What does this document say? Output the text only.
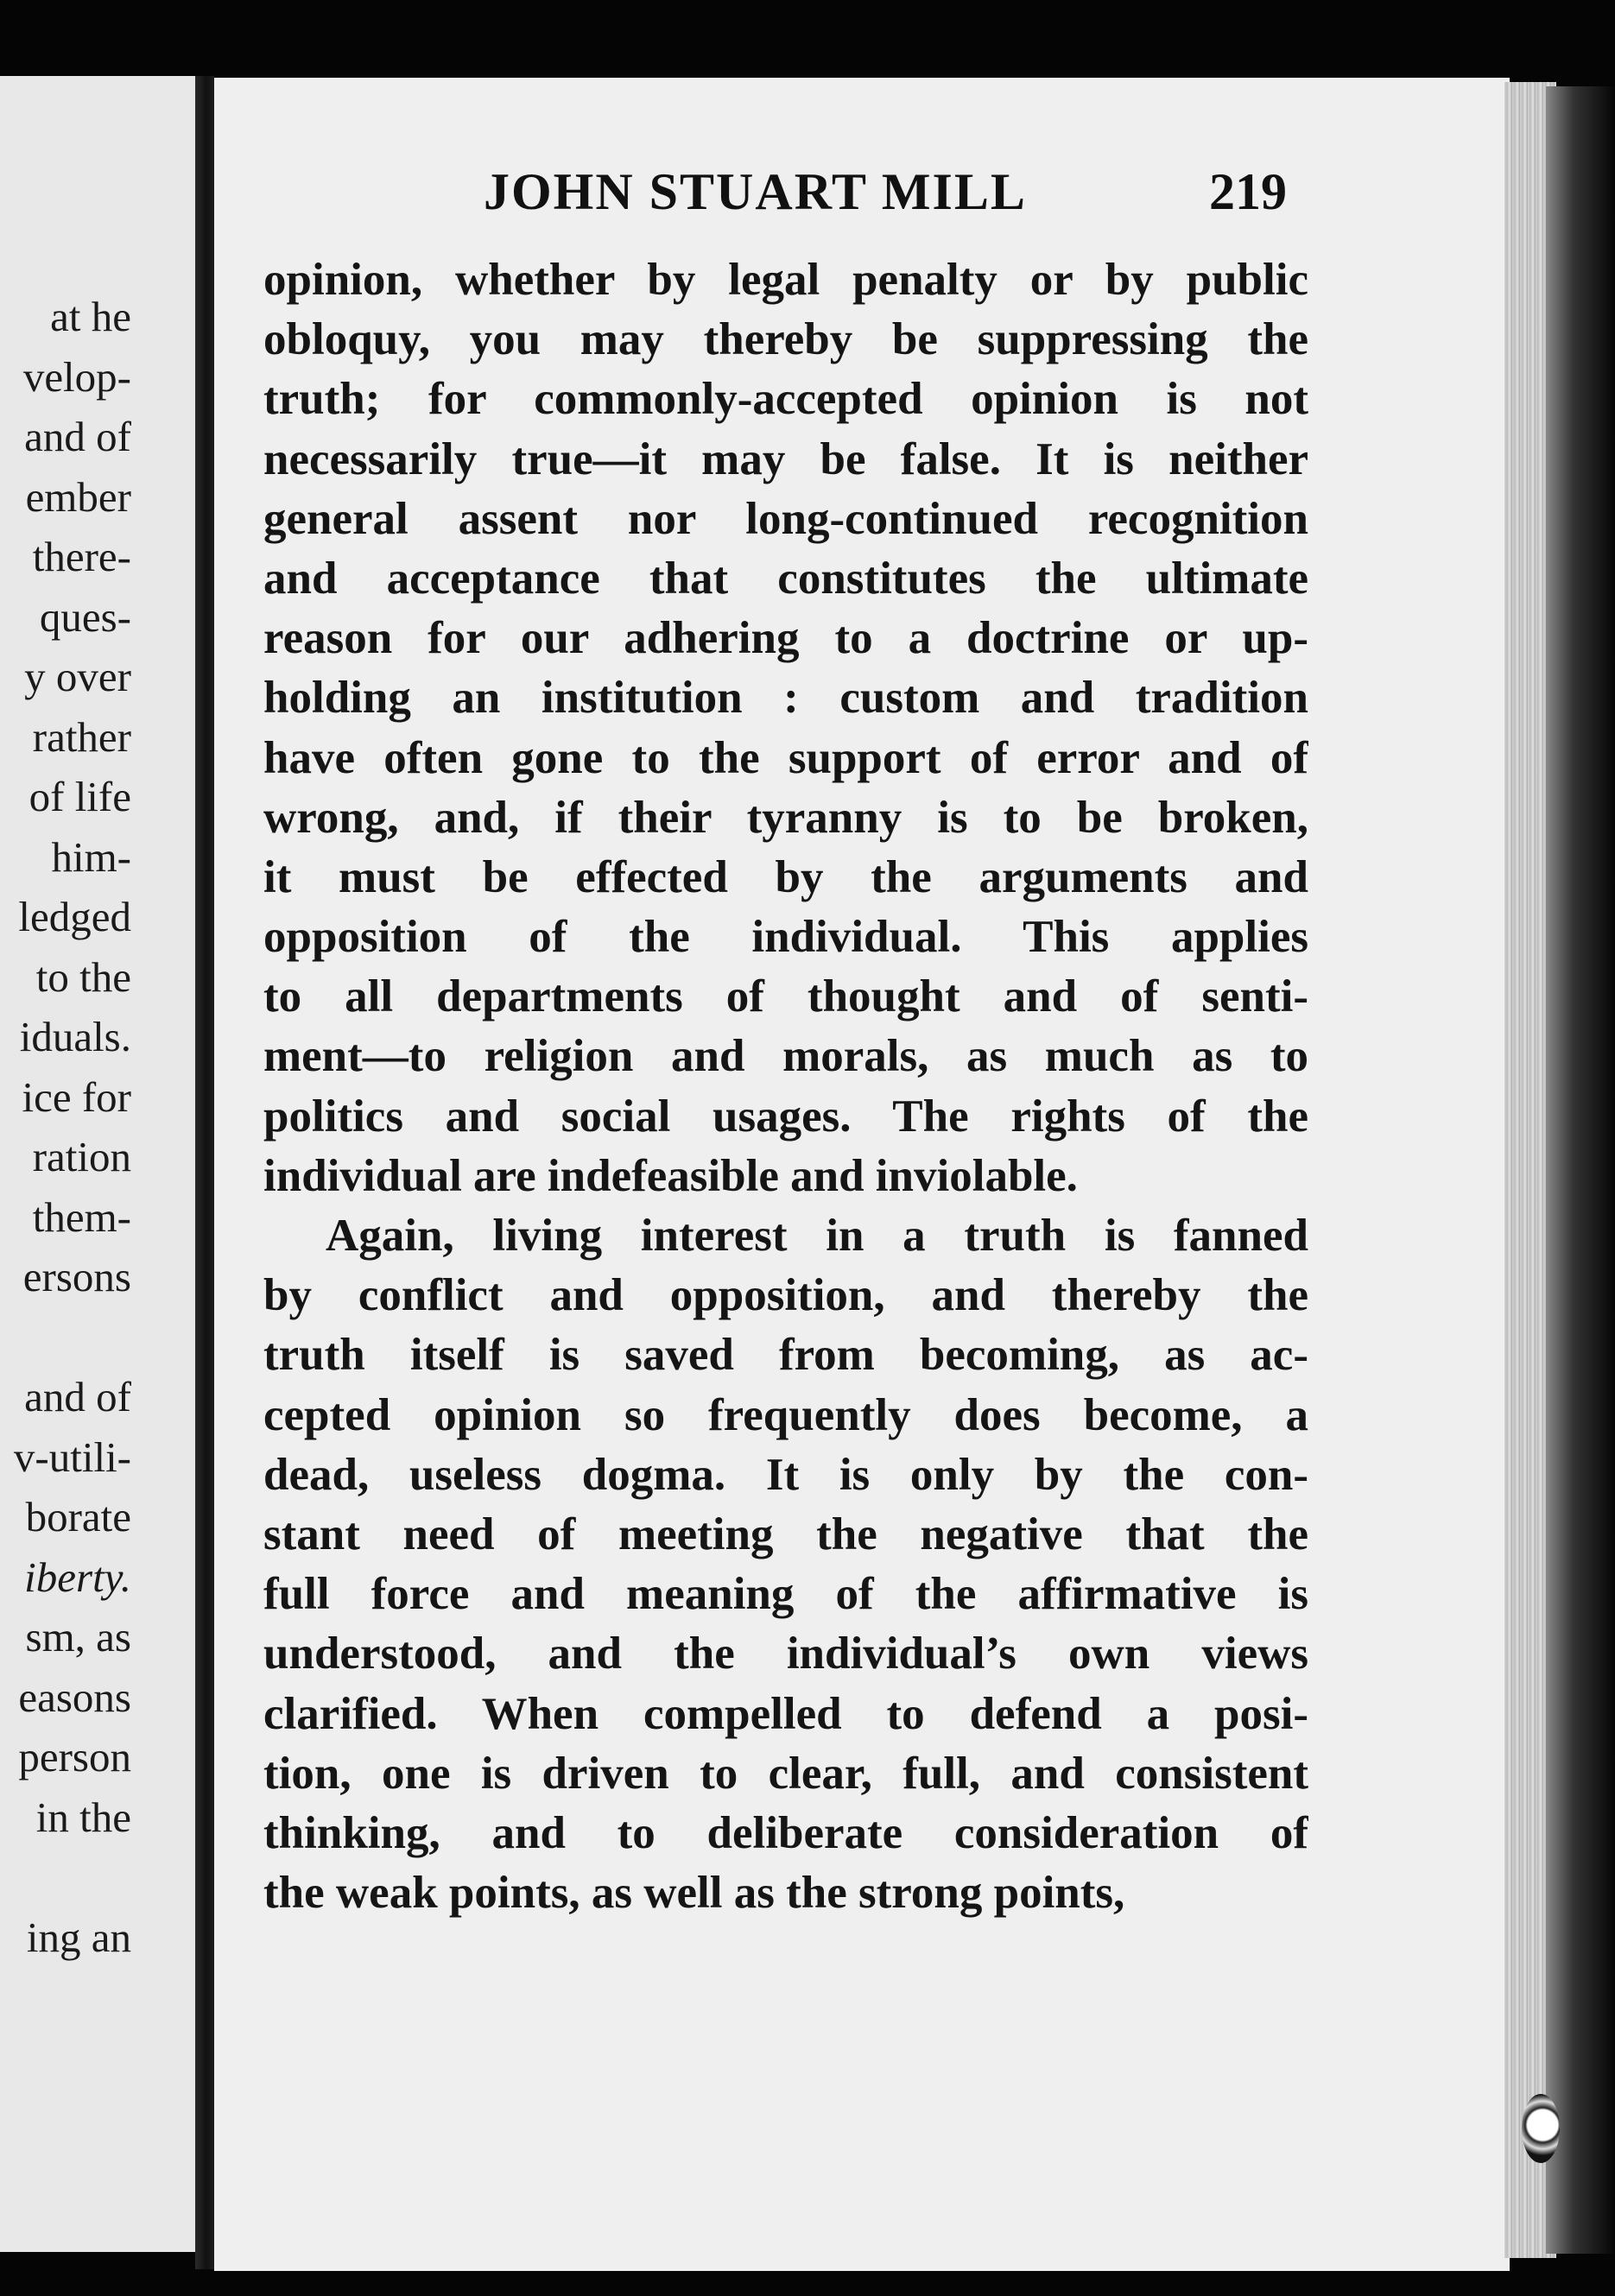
at he
velop-
and of
ember
there-
ques-
y over
rather
of life
him-
ledged
to the
iduals.
ice for
ration
them-
ersons
and of
v-utili-
borate
iberty.
sm, as
easons
person
in the
ing an
JOHN STUART MILL	219
opinion, whether by legal penalty or by public
obloquy, you may thereby be suppressing the
truth; for commonly-accepted opinion is not
necessarily true—it may be false. It is neither
general assent nor long-continued recognition
and acceptance that constitutes the ultimate
reason for our adhering to a doctrine or up-
holding an institution : custom and tradition
have often gone to the support of error and of
wrong, and, if their tyranny is to be broken,
it must be effected by the arguments and
opposition of the individual. This applies
to all departments of thought and of senti-
ment—to religion and morals, as much as to
politics and social usages. The rights of the
individual are indefeasible and inviolable.
Again, living interest in a truth is fanned
by conflict and opposition, and thereby the
truth itself is saved from becoming, as ac-
cepted opinion so frequently does become, a
dead, useless dogma. It is only by the con-
stant need of meeting the negative that the
full force and meaning of the affirmative is
understood, and the individual’s own views
clarified. When compelled to defend a posi-
tion, one is driven to clear, full, and consistent
thinking, and to deliberate consideration of
the weak points, as well as the strong points,
